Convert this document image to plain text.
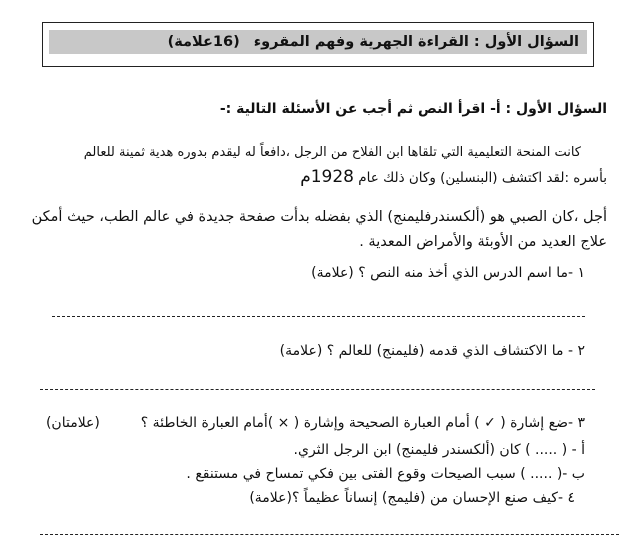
السؤال الأول : القراءة الجهرية وفهم المقروء
(16علامة)
السؤال الأول : أ- اقرأ النص ثم أجب عن الأسئلة التالية :-
كانت المنحة التعليمية التي تلقاها ابن الفلاح من الرجل ،دافعاً له ليقدم بدوره هدية ثمينة للعالم
بأسره :لقد اكتشف (البنسلين) وكان ذلك عام 1928م
أجل ،كان الصبي هو (ألكسندرفليمنج) الذي بفضله بدأت صفحة جديدة في عالم الطب، حيث أمكن
علاج العديد من الأوبئة والأمراض المعدية .
١ -ما اسم الدرس الذي أخذ منه النص ؟ (علامة)
٢ - ما الاكتشاف الذي قدمه (فليمنج) للعالم ؟ (علامة)
٣ -ضع إشارة ( ✓ ) أمام العبارة الصحيحة وإشارة ( × )أمام العبارة الخاطئة ؟  (علامتان)
أ - ( ..... ) كان (ألكسندر فليمنج) ابن الرجل الثري.
ب -( ..... ) سبب الصيحات وقوع الفتى بين فكي تمساح في مستنقع .
٤ -كيف صنع الإحسان من (فليمج) إنساناً عظيماً ؟(علامة)
